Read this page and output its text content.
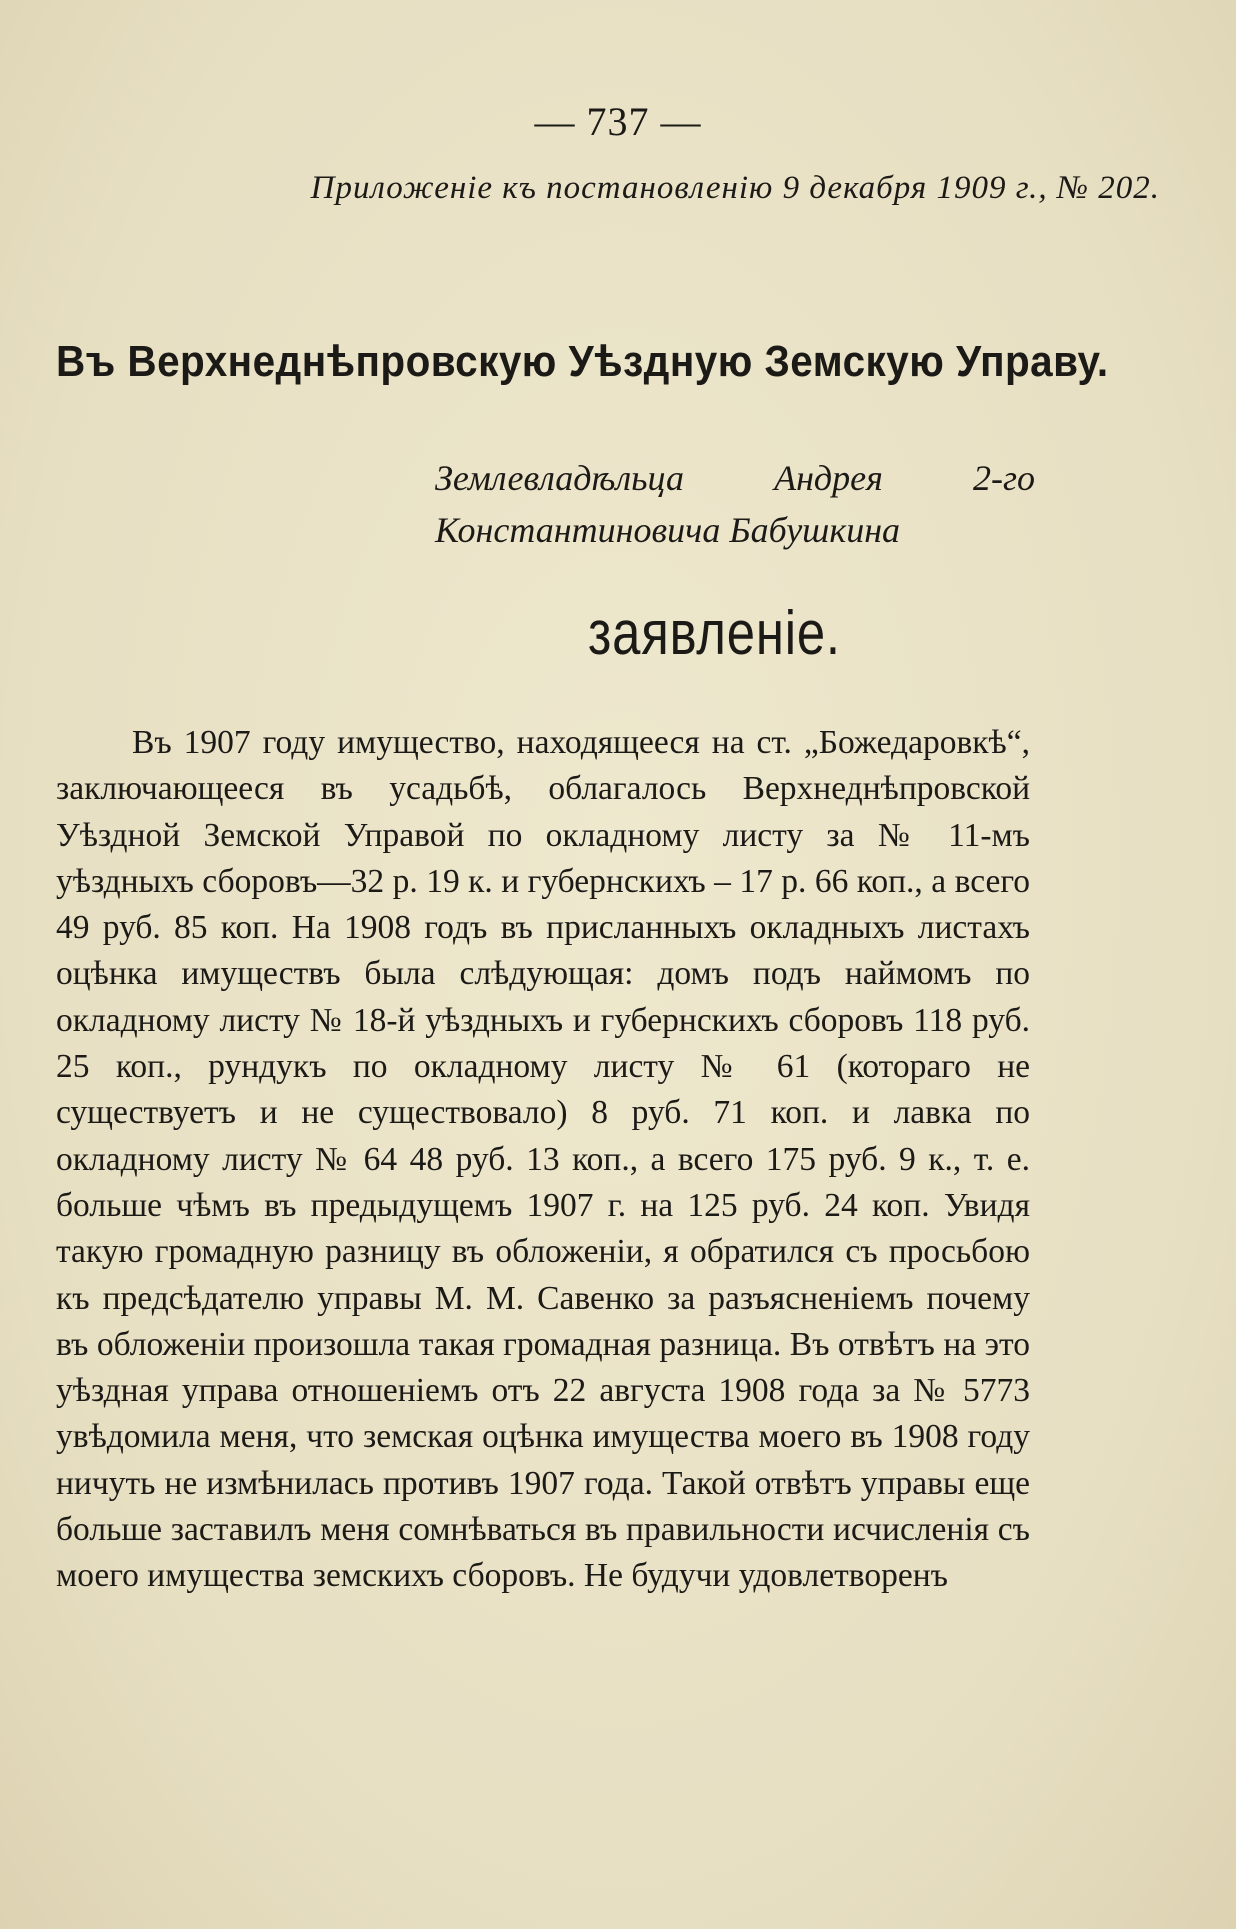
— 737 —
Приложеніе къ постановленію 9 декабря 1909 г., № 202.
Въ Верхнеднѣпровскую Уѣздную Земскую Управу.
Землевладѣльца Андрея 2-го Константиновича Бабушкина
заявленіе.
Въ 1907 году имущество, находящееся на ст. „Божедаровкѣ“, заключающееся въ усадьбѣ, облагалось Верхнеднѣпровской Уѣздной Земской Управой по окладному листу за № 11-мъ уѣздныхъ сборовъ—32 р. 19 к. и губернскихъ – 17 р. 66 коп., а всего 49 руб. 85 коп. На 1908 годъ въ присланныхъ окладныхъ листахъ оцѣнка имуществъ была слѣдующая: домъ подъ наймомъ по окладному листу № 18-й уѣздныхъ и губернскихъ сборовъ 118 руб. 25 коп., рундукъ по окладному листу № 61 (котораго не существуетъ и не существовало) 8 руб. 71 коп. и лавка по окладному листу № 64 48 руб. 13 коп., а всего 175 руб. 9 к., т. е. больше чѣмъ въ предыдущемъ 1907 г. на 125 руб. 24 коп. Увидя такую громадную разницу въ обложеніи, я обратился съ просьбою къ предсѣдателю управы М. М. Савенко за разъясненіемъ почему въ обложеніи произошла такая громадная разница. Въ отвѣтъ на это уѣздная управа отношеніемъ отъ 22 августа 1908 года за № 5773 увѣдомила меня, что земская оцѣнка имущества моего въ 1908 году ничуть не измѣнилась противъ 1907 года. Такой отвѣтъ управы еще больше заставилъ меня сомнѣваться въ правильности исчисленія съ моего имущества земскихъ сборовъ. Не будучи удовлетворенъ
